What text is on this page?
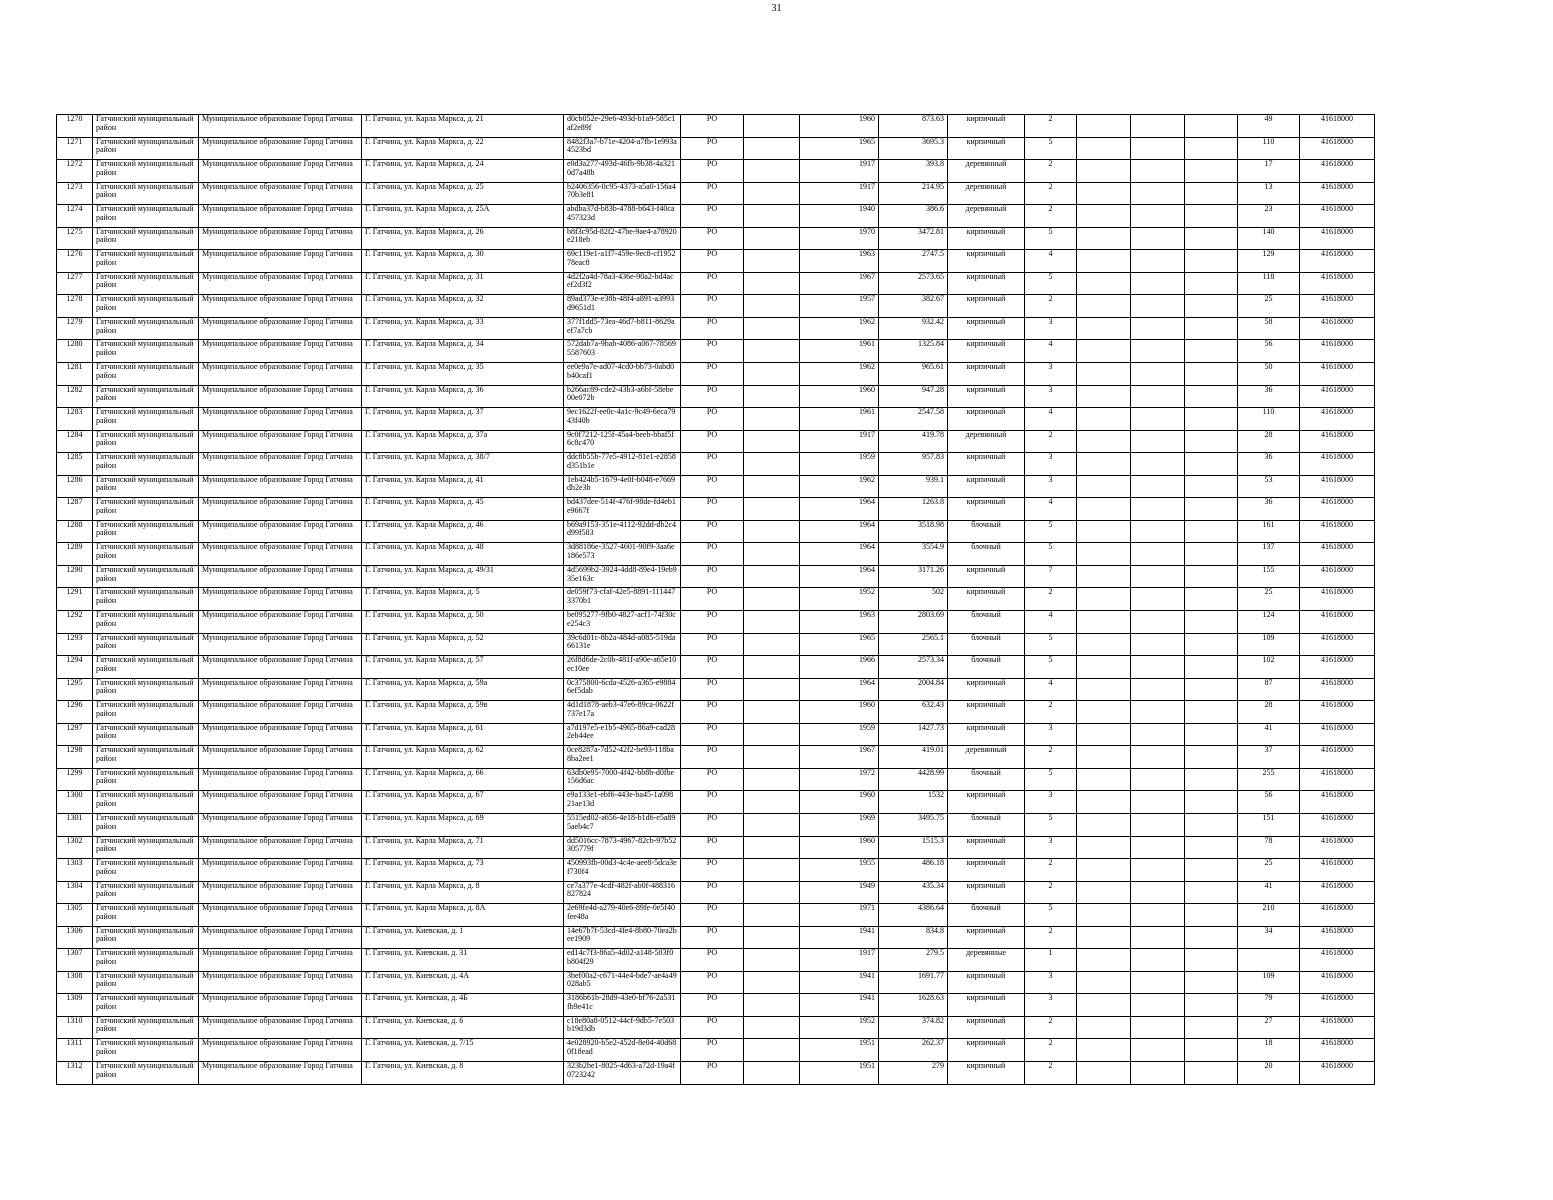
31
1270	Гатчинский муниципальный район	Муниципальное образование Город Гатчина	Г. Гатчина, ул. Карла Маркса, д. 21	d0cb052e-29e6-493d-b1a9-585c1af2e89f	РО		1960	873.63	кирпичный	2				49	41618000
1271	Гатчинский муниципальный район	Муниципальное образование Город Гатчина	Г. Гатчина, ул. Карла Маркса, д. 22	8482f3a7-b71e-4204-a7fb-1e993a4523bd	РО		1965	3695.3	кирпичный	5				110	41618000
1272	Гатчинский муниципальный район	Муниципальное образование Город Гатчина	Г. Гатчина, ул. Карла Маркса, д. 24	e0d3a277-493d-46fb-9b38-4a3210d7a48b	РО		1917	393.8	деревянный	2				17	41618000
1273	Гатчинский муниципальный район	Муниципальное образование Город Гатчина	Г. Гатчина, ул. Карла Маркса, д. 25	b2406356-0c95-4373-a5a0-156a470b3e81	РО		1917	214.95	деревянный	2				13	41618000
1274	Гатчинский муниципальный район	Муниципальное образование Город Гатчина	Г. Гатчина, ул. Карла Маркса, д. 25А	abdba37d-b83b-4788-b643-f40ca457323d	РО		1940	386.6	деревянный	2				23	41618000
1275	Гатчинский муниципальный район	Муниципальное образование Город Гатчина	Г. Гатчина, ул. Карла Маркса, д. 26	b8f3c95d-82f2-47be-9ae4-a78920e218eb	РО		1970	3472.81	кирпичный	5				140	41618000
1276	Гатчинский муниципальный район	Муниципальное образование Город Гатчина	Г. Гатчина, ул. Карла Маркса, д. 30	69c119e1-a1f7-459e-9ec8-cf195278eac8	РО		1963	2747.5	кирпичный	4				129	41618000
1277	Гатчинский муниципальный район	Муниципальное образование Город Гатчина	Г. Гатчина, ул. Карла Маркса, д. 31	4d2f2a4d-78a3-436e-90a2-bd4acef2d3f2	РО		1967	2573.65	кирпичный	5				118	41618000
1278	Гатчинский муниципальный район	Муниципальное образование Город Гатчина	Г. Гатчина, ул. Карла Маркса, д. 32	89ad373e-e38b-48f4-a891-a3993d9651d1	РО		1957	382.67	кирпичный	2				25	41618000
1279	Гатчинский муниципальный район	Муниципальное образование Город Гатчина	Г. Гатчина, ул. Карла Маркса, д. 33	377f1dd5-73ea-46d7-b811-8629aef7a7cb	РО		1962	932.42	кирпичный	3				58	41618000
1280	Гатчинский муниципальный район	Муниципальное образование Город Гатчина	Г. Гатчина, ул. Карла Маркса, д. 34	572dab7a-9bab-4086-a067-785695587603	РО		1961	1325.84	кирпичный	4				56	41618000
1281	Гатчинский муниципальный район	Муниципальное образование Город Гатчина	Г. Гатчина, ул. Карла Маркса, д. 35	ee0e9a7e-ad07-4cd0-bb73-0abd0b40caf1	РО		1962	965.61	кирпичный	3				50	41618000
1282	Гатчинский муниципальный район	Муниципальное образование Город Гатчина	Г. Гатчина, ул. Карла Маркса, д. 36	b266ac89-cde2-43b3-a6bf-58ebe00e072b	РО		1960	947.28	кирпичный	3				36	41618000
1283	Гатчинский муниципальный район	Муниципальное образование Город Гатчина	Г. Гатчина, ул. Карла Маркса, д. 37	9ec1622f-ee0c-4a1c-9c49-6eca7943f40b	РО		1961	2547.58	кирпичный	4				110	41618000
1284	Гатчинский муниципальный район	Муниципальное образование Город Гатчина	Г. Гатчина, ул. Карла Маркса, д. 37а	9c0f7212-125f-45a4-beeb-bbaf5f6c8c470	РО		1917	419.78	деревянный	2				28	41618000
1285	Гатчинский муниципальный район	Муниципальное образование Город Гатчина	Г. Гатчина, ул. Карла Маркса, д. 38/7	ddc8b55b-77e5-4912-81e1-e2858d351b1e	РО		1959	957.83	кирпичный	3				36	41618000
1286	Гатчинский муниципальный район	Муниципальное образование Город Гатчина	Г. Гатчина, ул. Карла Маркса, д. 41	1eb424b5-1679-4e0f-b048-e7669db2e3b	РО		1962	939.1	кирпичный	3				53	41618000
1287	Гатчинский муниципальный район	Муниципальное образование Город Гатчина	Г. Гатчина, ул. Карла Маркса, д. 45	bd437dee-514f-476f-98de-fd4eb1e9667f	РО		1964	1263.8	кирпичный	4				36	41618000
1288	Гатчинский муниципальный район	Муниципальное образование Город Гатчина	Г. Гатчина, ул. Карла Маркса, д. 46	b69a9153-351e-4112-92dd-db2c4d99f583	РО		1964	3518.98	блочный	5				161	41618000
1289	Гатчинский муниципальный район	Муниципальное образование Город Гатчина	Г. Гатчина, ул. Карла Маркса, д. 48	3d88186e-3527-4601-90f9-3aa6e186e573	РО		1964	3554.9	блочный	5				137	41618000
1290	Гатчинский муниципальный район	Муниципальное образование Город Гатчина	Г. Гатчина, ул. Карла Маркса, д. 49/31	4d5699b2-3924-4dd8-89e4-19eb935e163c	РО		1964	3171.26	кирпичный	7				155	41618000
1291	Гатчинский муниципальный район	Муниципальное образование Город Гатчина	Г. Гатчина, ул. Карла Маркса, д. 5	de059f73-cfaf-42e5-8891-1114473370b1	РО		1952	502	кирпичный	2				25	41618000
1292	Гатчинский муниципальный район	Муниципальное образование Город Гатчина	Г. Гатчина, ул. Карла Маркса, д. 50	be095277-9fb0-4827-acf1-74f30ce254c3	РО		1963	2803.69	блочный	4				124	41618000
1293	Гатчинский муниципальный район	Муниципальное образование Город Гатчина	Г. Гатчина, ул. Карла Маркса, д. 52	39c6d01c-8b2a-484d-a085-519da66131e	РО		1965	2565.1	блочный	5				109	41618000
1294	Гатчинский муниципальный район	Муниципальное образование Город Гатчина	Г. Гатчина, ул. Карла Маркса, д. 57	26f8d6de-2c0b-481f-a90e-a65e10ec10ee	РО		1966	2573.34	блочный	5				102	41618000
1295	Гатчинский муниципальный район	Муниципальное образование Город Гатчина	Г. Гатчина, ул. Карла Маркса, д. 59а	0c375800-6cda-4526-a365-e98846ef5dab	РО		1964	2004.84	кирпичный	4				87	41618000
1296	Гатчинский муниципальный район	Муниципальное образование Город Гатчина	Г. Гатчина, ул. Карла Маркса, д. 59в	4d1d1878-aeb3-47e6-89ca-0622f737e17a	РО		1960	632.43	кирпичный	2				28	41618000
1297	Гатчинский муниципальный район	Муниципальное образование Город Гатчина	Г. Гатчина, ул. Карла Маркса, д. 61	a7d197e5-e1b5-4965-86a9-cad282eb44ee	РО		1959	1427.73	кирпичный	3				41	41618000
1298	Гатчинский муниципальный район	Муниципальное образование Город Гатчина	Г. Гатчина, ул. Карла Маркса, д. 62	0ce8287a-7d52-42f2-be93-118ba8ba2ee1	РО		1967	419.01	деревянный	2				37	41618000
1299	Гатчинский муниципальный район	Муниципальное образование Город Гатчина	Г. Гатчина, ул. Карла Маркса, д. 66	63db0e95-7000-4f42-bb8b-d0fbe156d6ac	РО		1972	4428.99	блочный	5				255	41618000
1300	Гатчинский муниципальный район	Муниципальное образование Город Гатчина	Г. Гатчина, ул. Карла Маркса, д. 67	e9a133e1-ebf6-443e-ba45-1a09821ae13d	РО		1960	1532	кирпичный	3				56	41618000
1301	Гатчинский муниципальный район	Муниципальное образование Город Гатчина	Г. Гатчина, ул. Карла Маркса, д. 69	5515ed02-a656-4e18-b1d6-e5a895aeb4c7	РО		1969	3495.75	блочный	5				151	41618000
1302	Гатчинский муниципальный район	Муниципальное образование Город Гатчина	Г. Гатчина, ул. Карла Маркса, д. 71	dd5016cc-7873-4967-82cb-97b52305779f	РО		1960	1515.3	кирпичный	3				78	41618000
1303	Гатчинский муниципальный район	Муниципальное образование Город Гатчина	Г. Гатчина, ул. Карла Маркса, д. 73	450993fb-00d3-4c4e-aee8-5dca3ef730f4	РО		1955	486.18	кирпичный	2				25	41618000
1304	Гатчинский муниципальный район	Муниципальное образование Город Гатчина	Г. Гатчина, ул. Карла Маркса, д. 8	ce7a377e-4cdf-482f-ab0f-488316827824	РО		1949	435.34	кирпичный	2				41	41618000
1305	Гатчинский муниципальный район	Муниципальное образование Город Гатчина	Г. Гатчина, ул. Карла Маркса, д. 8А	2e69fe4d-a279-40e6-89fe-0e5f40fee48a	РО		1971	4386.64	блочный	5				210	41618000
1306	Гатчинский муниципальный район	Муниципальное образование Город Гатчина	Г. Гатчина, ул. Киевская, д. 1	14e67b7f-53cd-4fe4-8b80-70ea2bee1909	РО		1941	834.8	кирпичный	2				34	41618000
1307	Гатчинский муниципальный район	Муниципальное образование Город Гатчина	Г. Гатчина, ул. Киевская, д. 31	ed14c7f3-86a5-4d02-a148-503f0b804f29	РО		1917	279.5	деревянные	1					41618000
1308	Гатчинский муниципальный район	Муниципальное образование Город Гатчина	Г. Гатчина, ул. Киевская, д. 4А	3bef00a2-c671-44e4-bde7-ae4a49028ab5	РО		1941	1691.77	кирпичный	3				109	41618000
1309	Гатчинский муниципальный район	Муниципальное образование Город Гатчина	Г. Гатчина, ул. Киевская, д. 4Б	3186b61b-28d9-43e0-bf76-2a531fb9e41c	РО		1941	1628.63	кирпичный	3				79	41618000
1310	Гатчинский муниципальный район	Муниципальное образование Город Гатчина	Г. Гатчина, ул. Киевская, д. 6	c18e80a8-0512-44cf-9db5-7e503b19d3db	РО		1952	374.82	кирпичный	2				27	41618000
1311	Гатчинский муниципальный район	Муниципальное образование Город Гатчина	Г. Гатчина, ул. Киевская, д. 7/15	4e028920-b5e2-452d-8e04-40d680f18ead	РО		1951	262.37	кирпичный	2				18	41618000
1312	Гатчинский муниципальный район	Муниципальное образование Город Гатчина	Г. Гатчина, ул. Киевская, д. 8	323b2be1-8025-4d63-a72d-19a4f0723242	РО		1951	279	кирпичный	2				20	41618000
